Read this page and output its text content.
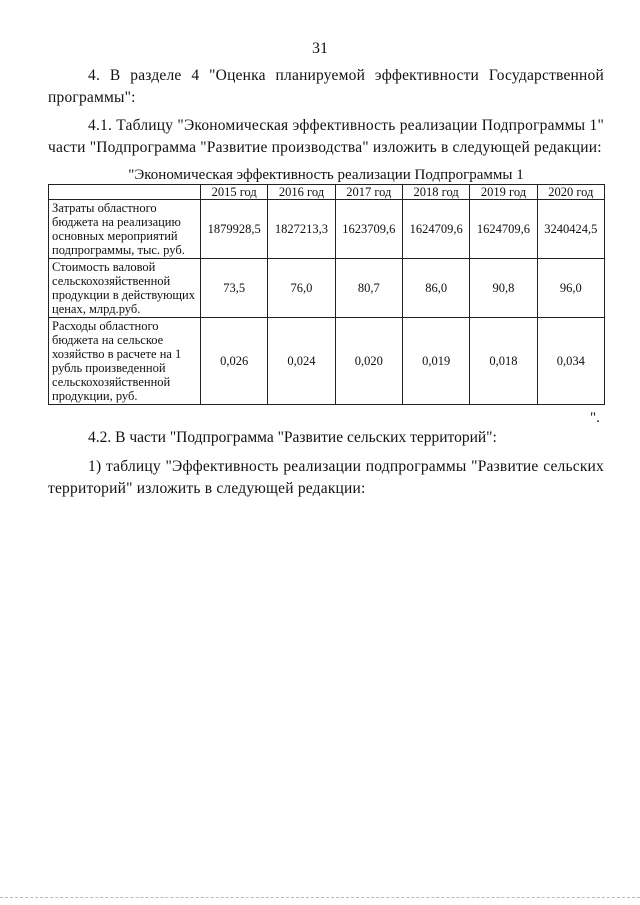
31

4. В разделе 4 "Оценка планируемой эффективности Государственной программы":

4.1. Таблицу "Экономическая эффективность реализации Подпрограммы 1" части "Подпрограмма "Развитие производства" изложить в следующей редакции:

"Экономическая эффективность реализации Подпрограммы 1
	2015 год	2016 год	2017 год	2018 год	2019 год	2020 год
Затраты областного бюджета на реализацию основных мероприятий подпрограммы, тыс. руб.	1879928,5	1827213,3	1623709,6	1624709,6	1624709,6	3240424,5
Стоимость валовой сельскохозяйственной продукции в действующих ценах, млрд.руб.	73,5	76,0	80,7	86,0	90,8	96,0
Расходы областного бюджета на сельское хозяйство в расчете на 1 рубль произведенной сельскохозяйственной продукции, руб.	0,026	0,024	0,020	0,019	0,018	0,034
".

4.2. В части "Подпрограмма "Развитие сельских территорий":

1) таблицу "Эффективность реализации подпрограммы "Развитие сельских территорий" изложить в следующей редакции:
